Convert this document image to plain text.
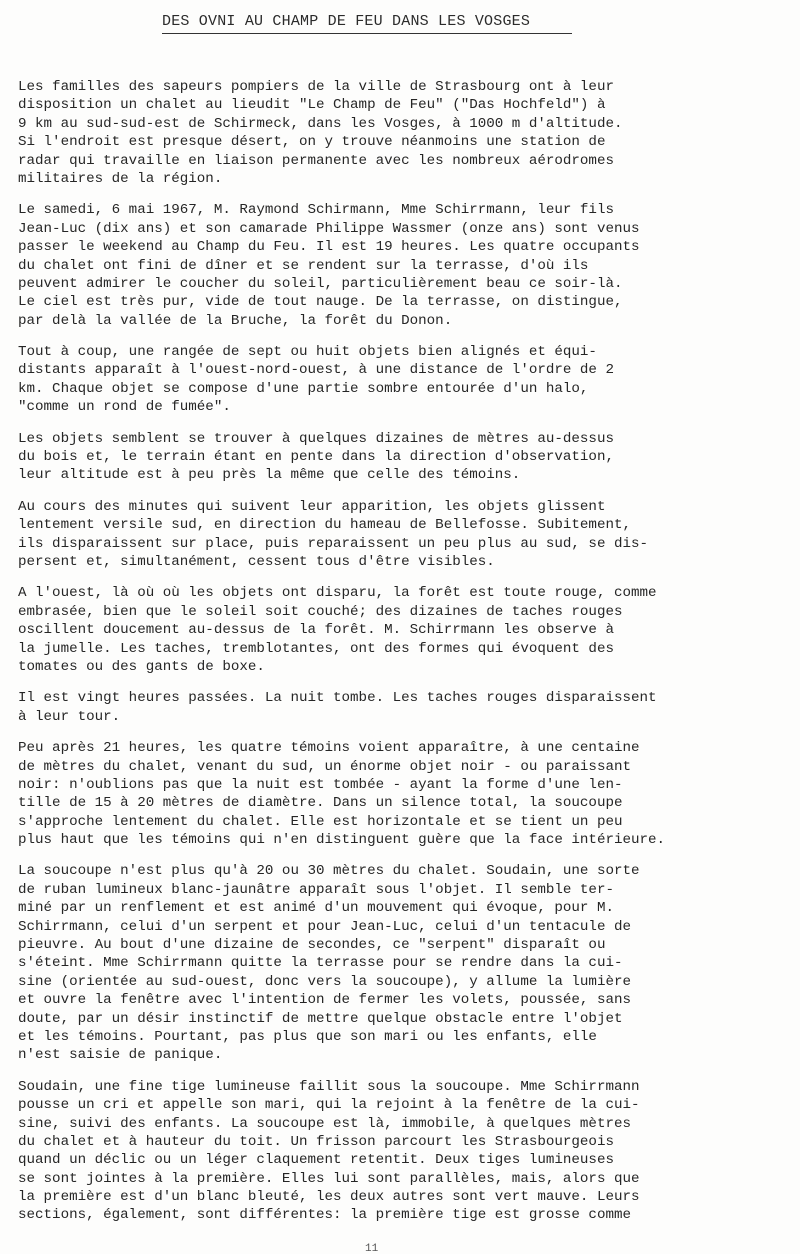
DES OVNI AU CHAMP DE FEU DANS LES VOSGES
Les familles des sapeurs pompiers de la ville de Strasbourg ont à leur
disposition un chalet au lieudit "Le Champ de Feu" ("Das Hochfeld") à
9 km au sud-sud-est de Schirmeck, dans les Vosges, à 1000 m d'altitude.
Si l'endroit est presque désert, on y trouve néanmoins une station de
radar qui travaille en liaison permanente avec les nombreux aérodromes
militaires de la région.
Le samedi, 6 mai 1967, M. Raymond Schirmann, Mme Schirrmann, leur fils
Jean-Luc (dix ans) et son camarade Philippe Wassmer (onze ans) sont venus
passer le weekend au Champ du Feu. Il est 19 heures. Les quatre occupants
du chalet ont fini de dîner et se rendent sur la terrasse, d'où ils
peuvent admirer le coucher du soleil, particulièrement beau ce soir-là.
Le ciel est très pur, vide de tout nauge. De la terrasse, on distingue,
par delà la vallée de la Bruche, la forêt du Donon.
Tout à coup, une rangée de sept ou huit objets bien alignés et équi-
distants apparaît à l'ouest-nord-ouest, à une distance de l'ordre de 2
km. Chaque objet se compose d'une partie sombre entourée d'un halo,
"comme un rond de fumée".
Les objets semblent se trouver à quelques dizaines de mètres au-dessus
du bois et, le terrain étant en pente dans la direction d'observation,
leur altitude est à peu près la même que celle des témoins.
Au cours des minutes qui suivent leur apparition, les objets glissent
lentement versile sud, en direction du hameau de Bellefosse. Subitement,
ils disparaissent sur place, puis reparaissent un peu plus au sud, se dis-
persent et, simultanément, cessent tous d'être visibles.
A l'ouest, là où où les objets ont disparu, la forêt est toute rouge, comme
embrasée, bien que le soleil soit couché; des dizaines de taches rouges
oscillent doucement au-dessus de la forêt. M. Schirrmann les observe à
la jumelle. Les taches, tremblotantes, ont des formes qui évoquent des
tomates ou des gants de boxe.
Il est vingt heures passées. La nuit tombe. Les taches rouges disparaissent
à leur tour.
Peu après 21 heures, les quatre témoins voient apparaître, à une centaine
de mètres du chalet, venant du sud, un énorme objet noir - ou paraissant
noir: n'oublions pas que la nuit est tombée - ayant la forme d'une len-
tille de 15 à 20 mètres de diamètre. Dans un silence total, la soucoupe
s'approche lentement du chalet. Elle est horizontale et se tient un peu
plus haut que les témoins qui n'en distinguent guère que la face intérieure.
La soucoupe n'est plus qu'à 20 ou 30 mètres du chalet. Soudain, une sorte
de ruban lumineux blanc-jaunâtre apparaît sous l'objet. Il semble ter-
miné par un renflement et est animé d'un mouvement qui évoque, pour M.
Schirrmann, celui d'un serpent et pour Jean-Luc, celui d'un tentacule de
pieuvre. Au bout d'une dizaine de secondes, ce "serpent" disparaît ou
s'éteint. Mme Schirrmann quitte la terrasse pour se rendre dans la cui-
sine (orientée au sud-ouest, donc vers la soucoupe), y allume la lumière
et ouvre la fenêtre avec l'intention de fermer les volets, poussée, sans
doute, par un désir instinctif de mettre quelque obstacle entre l'objet
et les témoins. Pourtant, pas plus que son mari ou les enfants, elle
n'est saisie de panique.
Soudain, une fine tige lumineuse faillit sous la soucoupe. Mme Schirrmann
pousse un cri et appelle son mari, qui la rejoint à la fenêtre de la cui-
sine, suivi des enfants. La soucoupe est là, immobile, à quelques mètres
du chalet et à hauteur du toit. Un frisson parcourt les Strasbourgeois
quand un déclic ou un léger claquement retentit. Deux tiges lumineuses
se sont jointes à la première. Elles lui sont parallèles, mais, alors que
la première est d'un blanc bleuté, les deux autres sont vert mauve. Leurs
sections, également, sont différentes: la première tige est grosse comme
11
